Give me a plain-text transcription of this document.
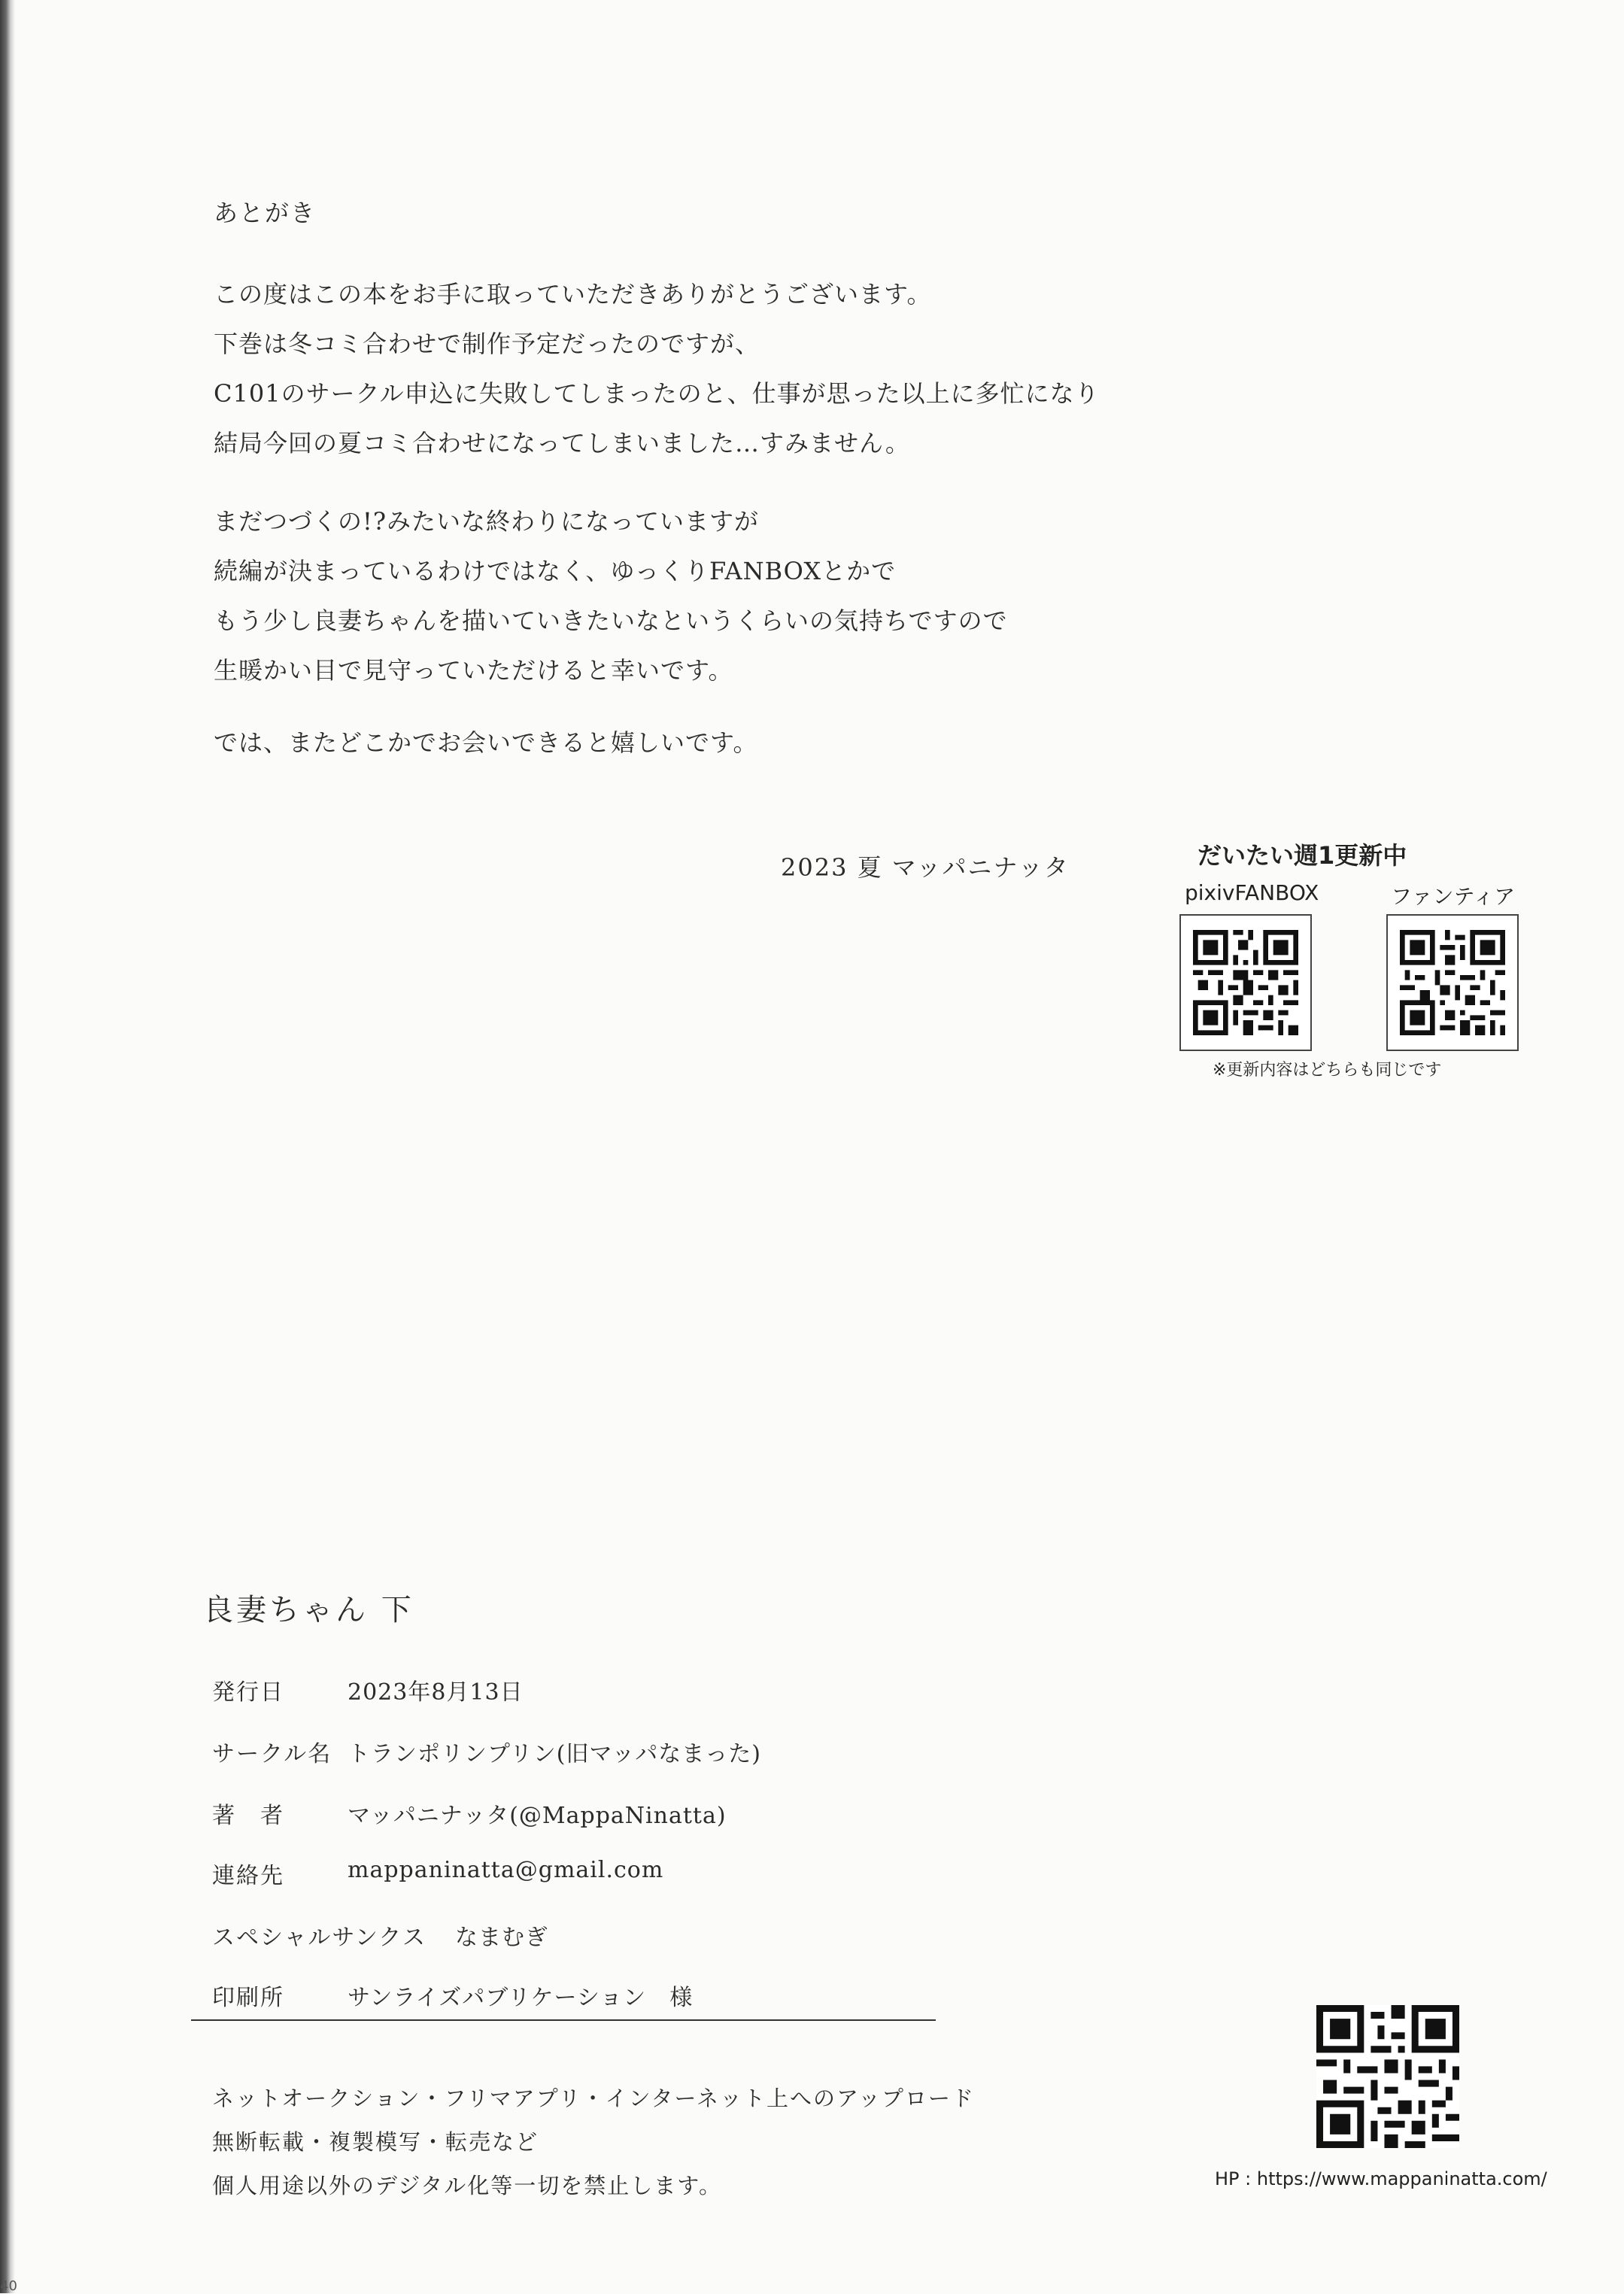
あとがき
この度はこの本をお手に取っていただきありがとうございます。
下巻は冬コミ合わせで制作予定だったのですが、
C101のサークル申込に失敗してしまったのと、仕事が思った以上に多忙になり
結局今回の夏コミ合わせになってしまいました…すみません。
まだつづくの!?みたいな終わりになっていますが
続編が決まっているわけではなく、ゆっくりFANBOXとかで
もう少し良妻ちゃんを描いていきたいなというくらいの気持ちですので
生暖かい目で見守っていただけると幸いです。
では、またどこかでお会いできると嬉しいです。
2023 夏 マッパニナッタ	だいたい週1更新中
pixivFANBOX	ファンティア
※更新内容はどちらも同じです
良妻ちゃん 下
発行日	2023年8月13日
サークル名 トランポリンプリン(旧マッパなまった)
著　者	マッパニナッタ(@MappaNinatta)
連絡先	mappaninatta@gmail.com
スペシャルサンクス なまむぎ
印刷所	サンライズパブリケーション　様
ネットオークション・フリマアプリ・インターネット上へのアップロード
無断転載・複製模写・転売など
個人用途以外のデジタル化等一切を禁止します。	HP : https://www.mappaninatta.com/
40
